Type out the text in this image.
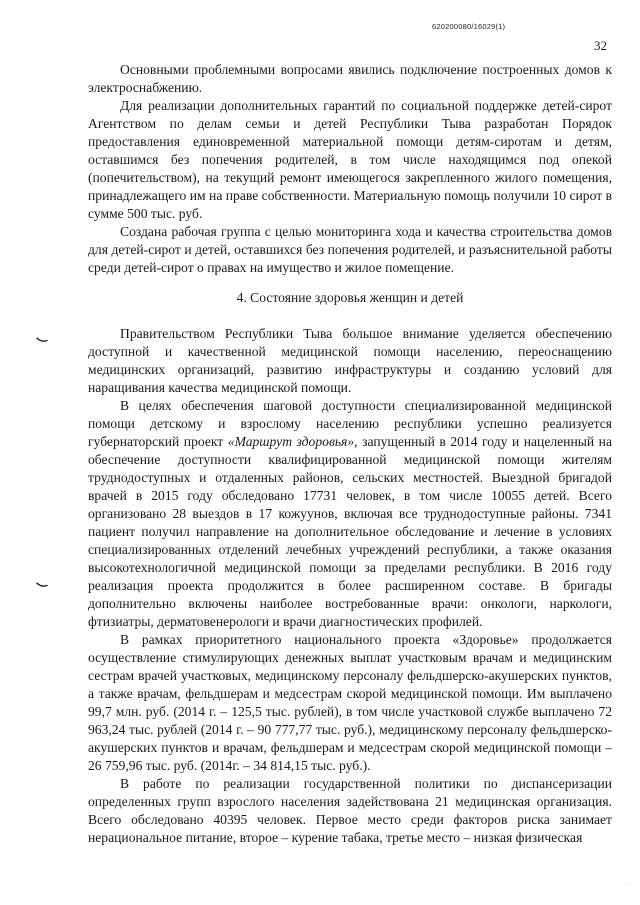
620200080/16029(1)
32

Основными проблемными вопросами явились подключение построенных домов к электроснабжению.

Для реализации дополнительных гарантий по социальной поддержке детей-сирот Агентством по делам семьи и детей Республики Тыва разработан Порядок предоставления единовременной материальной помощи детям-сиротам и детям, оставшимся без попечения родителей, в том числе находящимся под опекой (попечительством), на текущий ремонт имеющегося закрепленного жилого помещения, принадлежащего им на праве собственности. Материальную помощь получили 10 сирот в сумме 500 тыс. руб.

Создана рабочая группа с целью мониторинга хода и качества строительства домов для детей-сирот и детей, оставшихся без попечения родителей, и разъяснительной работы среди детей-сирот о правах на имущество и жилое помещение.

4. Состояние здоровья женщин и детей

Правительством Республики Тыва большое внимание уделяется обеспечению доступной и качественной медицинской помощи населению, переоснащению медицинских организаций, развитию инфраструктуры и созданию условий для наращивания качества медицинской помощи.

В целях обеспечения шаговой доступности специализированной медицинской помощи детскому и взрослому населению республики успешно реализуется губернаторский проект «Маршрут здоровья», запущенный в 2014 году и нацеленный на обеспечение доступности квалифицированной медицинской помощи жителям труднодоступных и отдаленных районов, сельских местностей. Выездной бригадой врачей в 2015 году обследовано 17731 человек, в том числе 10055 детей. Всего организовано 28 выездов в 17 кожуунов, включая все труднодоступные районы. 7341 пациент получил направление на дополнительное обследование и лечение в условиях специализированных отделений лечебных учреждений республики, а также оказания высокотехнологичной медицинской помощи за пределами республики. В 2016 году реализация проекта продолжится в более расширенном составе. В бригады дополнительно включены наиболее востребованные врачи: онкологи, наркологи, фтизиатры, дерматовенерологи и врачи диагностических профилей.

В рамках приоритетного национального проекта «Здоровье» продолжается осуществление стимулирующих денежных выплат участковым врачам и медицинским сестрам врачей участковых, медицинскому персоналу фельдшерско-акушерских пунктов, а также врачам, фельдшерам и медсестрам скорой медицинской помощи. Им выплачено 99,7 млн. руб. (2014 г. – 125,5 тыс. рублей), в том числе участковой службе выплачено 72 963,24 тыс. рублей (2014 г. – 90 777,77 тыс. руб.), медицинскому персоналу фельдшерско-акушерских пунктов и врачам, фельдшерам и медсестрам скорой медицинской помощи – 26 759,96 тыс. руб. (2014г. – 34 814,15 тыс. руб.).

В работе по реализации государственной политики по диспансеризации определенных групп взрослого населения задействована 21 медицинская организация. Всего обследовано 40395 человек. Первое место среди факторов риска занимает нерациональное питание, второе – курение табака, третье место – низкая физическая

· ·
